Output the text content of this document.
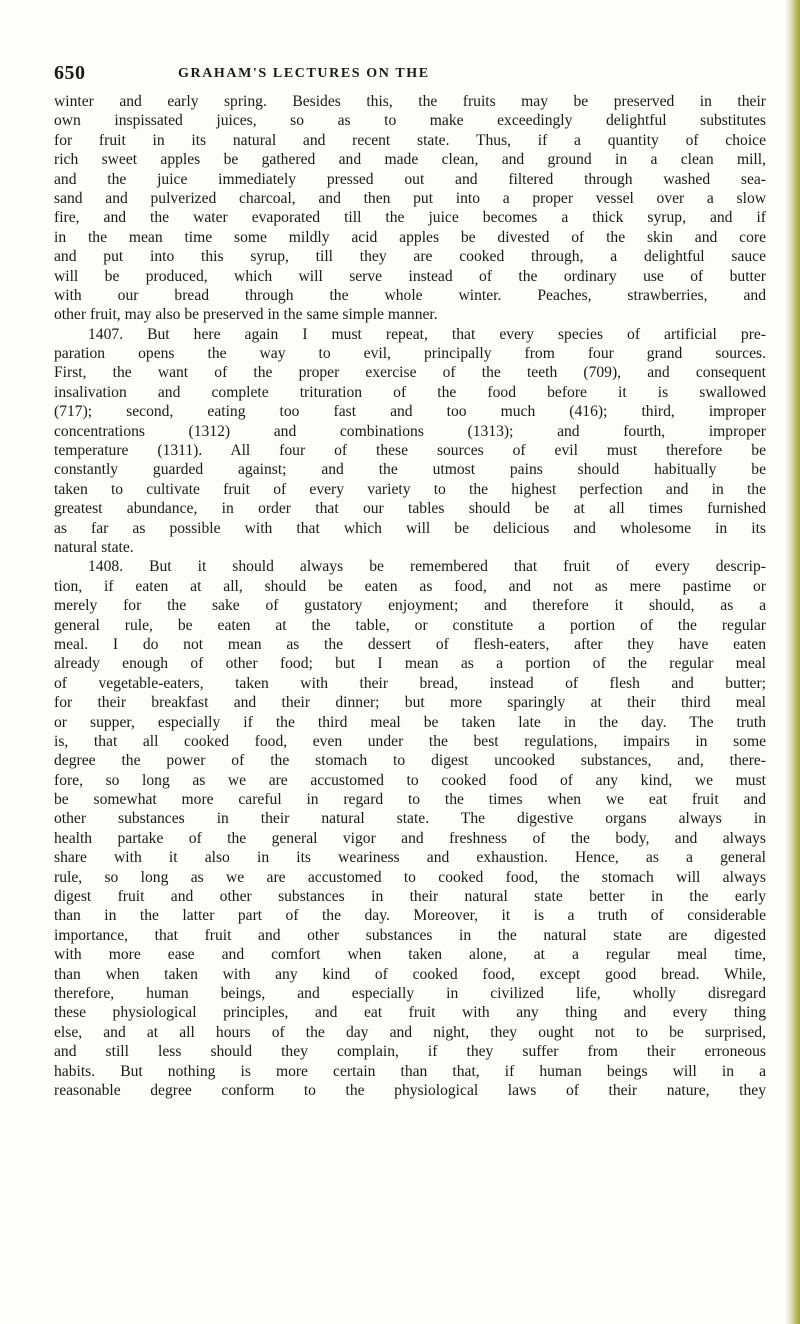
650	GRAHAM'S LECTURES ON THE
winter and early spring. Besides this, the fruits may be preserved in their
own inspissated juices, so as to make exceedingly delightful substitutes
for fruit in its natural and recent state. Thus, if a quantity of choice
rich sweet apples be gathered and made clean, and ground in a clean mill,
and the juice immediately pressed out and filtered through washed sea-
sand and pulverized charcoal, and then put into a proper vessel over a slow
fire, and the water evaporated till the juice becomes a thick syrup, and if
in the mean time some mildly acid apples be divested of the skin and core
and put into this syrup, till they are cooked through, a delightful sauce
will be produced, which will serve instead of the ordinary use of butter
with our bread through the whole winter. Peaches, strawberries, and
other fruit, may also be preserved in the same simple manner.
1407. But here again I must repeat, that every species of artificial pre-
paration opens the way to evil, principally from four grand sources.
First, the want of the proper exercise of the teeth (709), and consequent
insalivation and complete trituration of the food before it is swallowed
(717); second, eating too fast and too much (416); third, improper
concentrations (1312) and combinations (1313); and fourth, improper
temperature (1311). All four of these sources of evil must therefore be
constantly guarded against; and the utmost pains should habitually be
taken to cultivate fruit of every variety to the highest perfection and in the
greatest abundance, in order that our tables should be at all times furnished
as far as possible with that which will be delicious and wholesome in its
natural state.
1408. But it should always be remembered that fruit of every descrip-
tion, if eaten at all, should be eaten as food, and not as mere pastime or
merely for the sake of gustatory enjoyment; and therefore it should, as a
general rule, be eaten at the table, or constitute a portion of the regular
meal. I do not mean as the dessert of flesh-eaters, after they have eaten
already enough of other food; but I mean as a portion of the regular meal
of vegetable-eaters, taken with their bread, instead of flesh and butter;
for their breakfast and their dinner; but more sparingly at their third meal
or supper, especially if the third meal be taken late in the day. The truth
is, that all cooked food, even under the best regulations, impairs in some
degree the power of the stomach to digest uncooked substances, and, there-
fore, so long as we are accustomed to cooked food of any kind, we must
be somewhat more careful in regard to the times when we eat fruit and
other substances in their natural state. The digestive organs always in
health partake of the general vigor and freshness of the body, and always
share with it also in its weariness and exhaustion. Hence, as a general
rule, so long as we are accustomed to cooked food, the stomach will always
digest fruit and other substances in their natural state better in the early
than in the latter part of the day. Moreover, it is a truth of considerable
importance, that fruit and other substances in the natural state are digested
with more ease and comfort when taken alone, at a regular meal time,
than when taken with any kind of cooked food, except good bread. While,
therefore, human beings, and especially in civilized life, wholly disregard
these physiological principles, and eat fruit with any thing and every thing
else, and at all hours of the day and night, they ought not to be surprised,
and still less should they complain, if they suffer from their erroneous
habits. But nothing is more certain than that, if human beings will in a
reasonable degree conform to the physiological laws of their nature, they
